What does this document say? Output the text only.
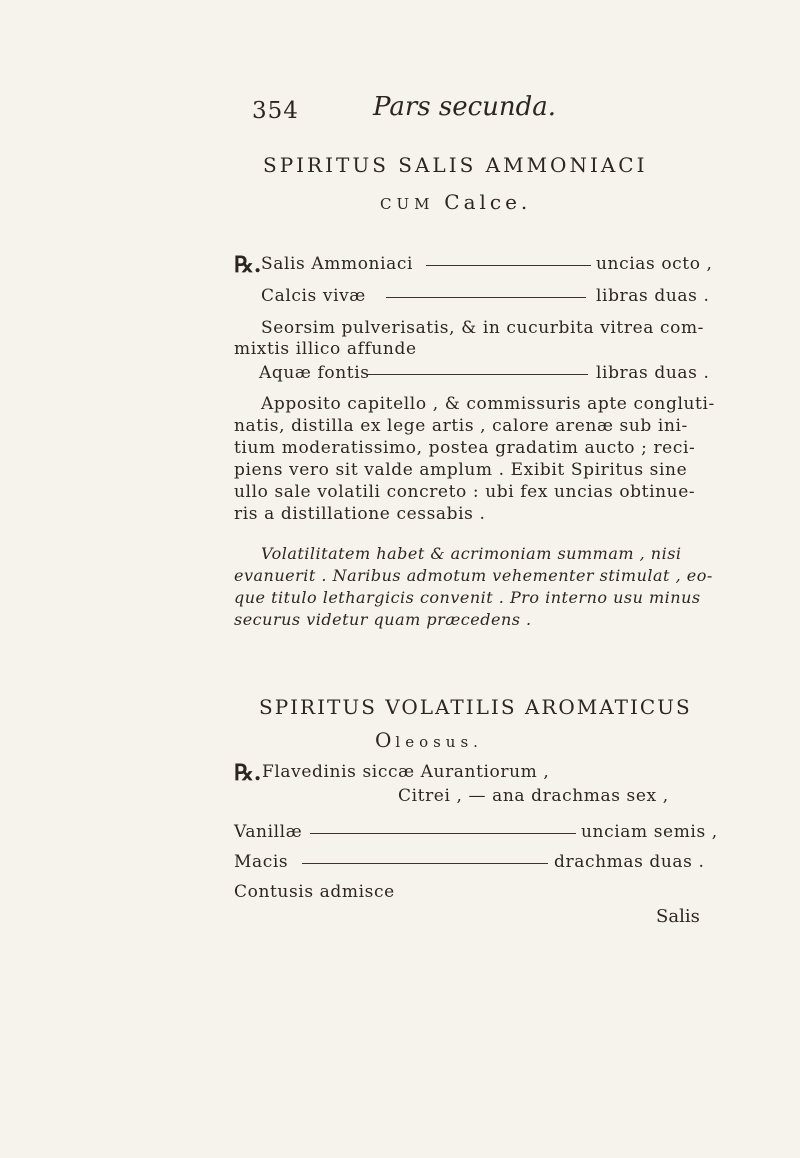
354	Pars secunda.
SPIRITUS SALIS AMMONIACI
CUM Calce.
℞. Salis Ammoniaci	uncias octo ,
Calcis vivæ	libras duas .
Seorsim pulverisatis, & in cucurbita vitrea com-
mixtis illico affunde
Aquæ fontis	libras duas .
Apposito capitello , & commissuris apte congluti-
natis, distilla ex lege artis , calore arenæ sub ini-
tium moderatissimo, postea gradatim aucto ; reci-
piens vero sit valde amplum . Exibit Spiritus sine
ullo sale volatili concreto : ubi fex uncias obtinue-
ris a distillatione cessabis .
Volatilitatem habet & acrimoniam summam , nisi
evanuerit . Naribus admotum vehementer stimulat , eo-
que titulo lethargicis convenit . Pro interno usu minus
securus videtur quam præcedens .
SPIRITUS VOLATILIS AROMATICUS
Oleosus.
℞. Flavedinis siccæ Aurantiorum ,
Citrei , — ana drachmas sex ,
Vanillæ	unciam semis ,
Macis	drachmas duas .
Contusis admisce
Salis
